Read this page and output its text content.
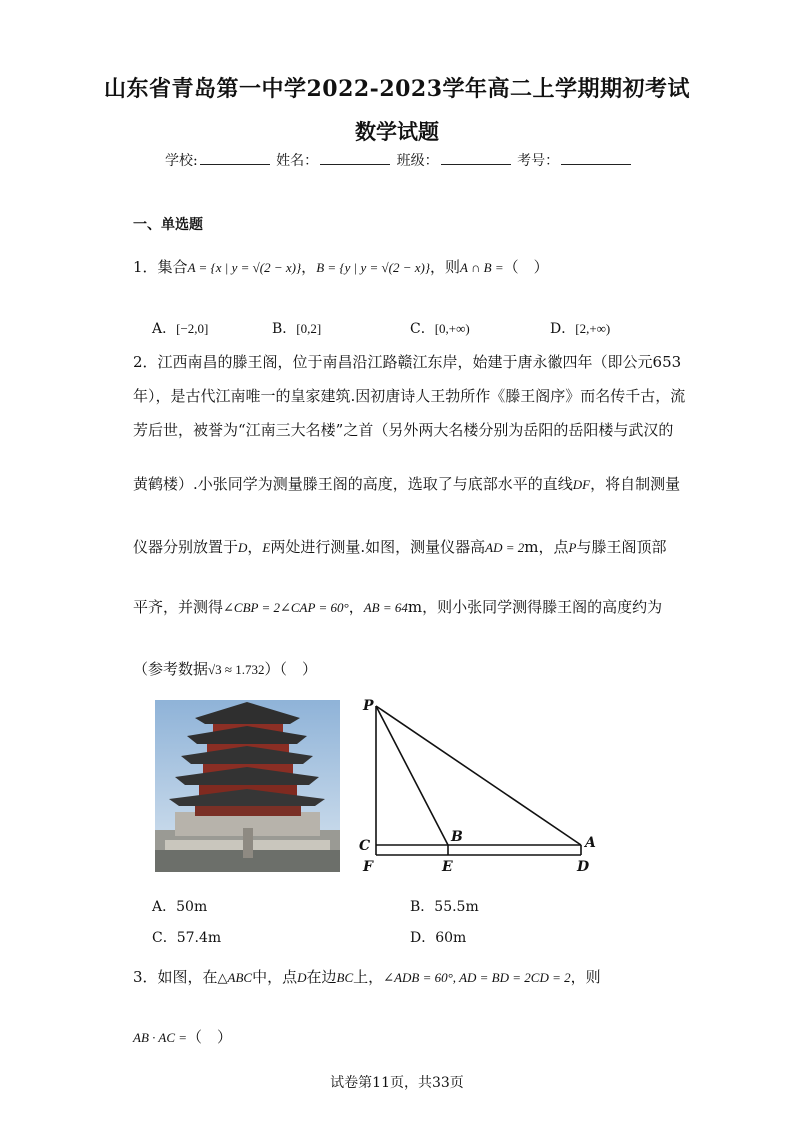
山东省青岛第一中学2022-2023学年高二上学期期初考试
数学试题
学校:	姓名：	班级：	考号：
一、单选题
1．集合A = {x | y = √(2 − x)}，B = {y | y = √(2 − x)}，则A ∩ B =（　）
A．[−2,0]	B．[0,2]	C．[0,+∞)	D．[2,+∞)
2．江西南昌的滕王阁，位于南昌沿江路赣江东岸，始建于唐永徽四年（即公元653
年），是古代江南唯一的皇家建筑.因初唐诗人王勃所作《滕王阁序》而名传千古，流
芳后世，被誉为“江南三大名楼”之首（另外两大名楼分别为岳阳的岳阳楼与武汉的
黄鹤楼）.小张同学为测量滕王阁的高度，选取了与底部水平的直线DF，将自制测量
仪器分别放置于D，E两处进行测量.如图，测量仪器高AD = 2m，点P与滕王阁顶部
平齐，并测得∠CBP = 2∠CAP = 60°，AB = 64m，则小张同学测得滕王阁的高度约为
（参考数据√3 ≈ 1.732）（　）
P
C
B	A
F	E	D
A．50m	B．55.5m
C．57.4m	D．60m
3．如图，在△ABC中，点D在边BC上，∠ADB = 60°, AD = BD = 2CD = 2，则
AB · AC =（　）
试卷第11页，共33页
